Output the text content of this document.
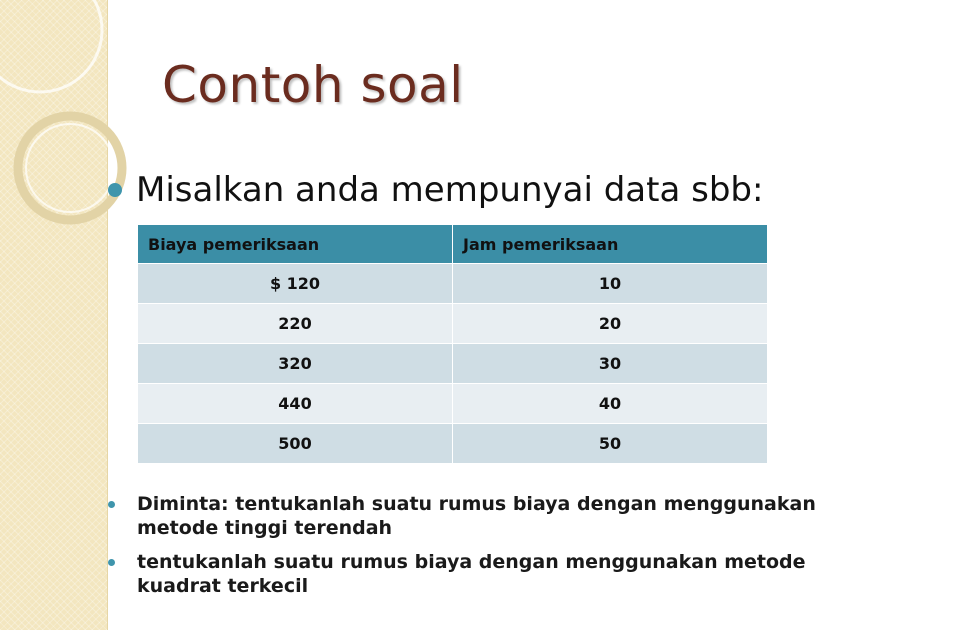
Contoh soal
Misalkan anda mempunyai data sbb:
Biaya pemeriksaan	Jam pemeriksaan
$ 120	10
220	20
320	30
440	40
500	50
Diminta: tentukanlah suatu rumus biaya dengan menggunakan metode tinggi terendah
tentukanlah suatu rumus biaya dengan menggunakan metode kuadrat terkecil
